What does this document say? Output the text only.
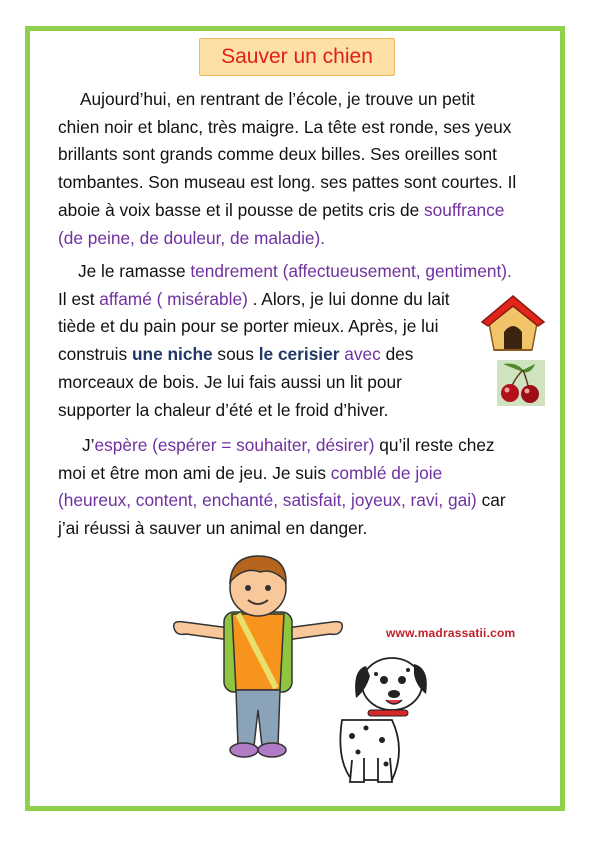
Sauver un chien

Aujourd’hui, en rentrant de l’école, je trouve un petit
chien noir et blanc, très maigre. La tête est ronde, ses yeux
brillants sont grands comme deux billes. Ses oreilles sont
tombantes. Son museau est long. ses pattes sont courtes. Il
aboie à voix basse et il pousse de petits cris de souffrance
(de peine, de douleur, de maladie).

Je le ramasse tendrement (affectueusement, gentiment).
Il est affamé ( misérable) . Alors, je lui donne du lait
tiède et du pain pour se porter mieux. Après, je lui
construis une niche sous le cerisier avec des
morceaux de bois. Je lui fais aussi un lit pour
supporter la chaleur d’été et le froid d’hiver.

J’espère (espérer = souhaiter, désirer) qu’il reste chez
moi et être mon ami de jeu. Je suis comblé de joie
(heureux, content, enchanté, satisfait, joyeux, ravi, gai) car
j’ai réussi à sauver un animal en danger.

www.madrassatii.com
